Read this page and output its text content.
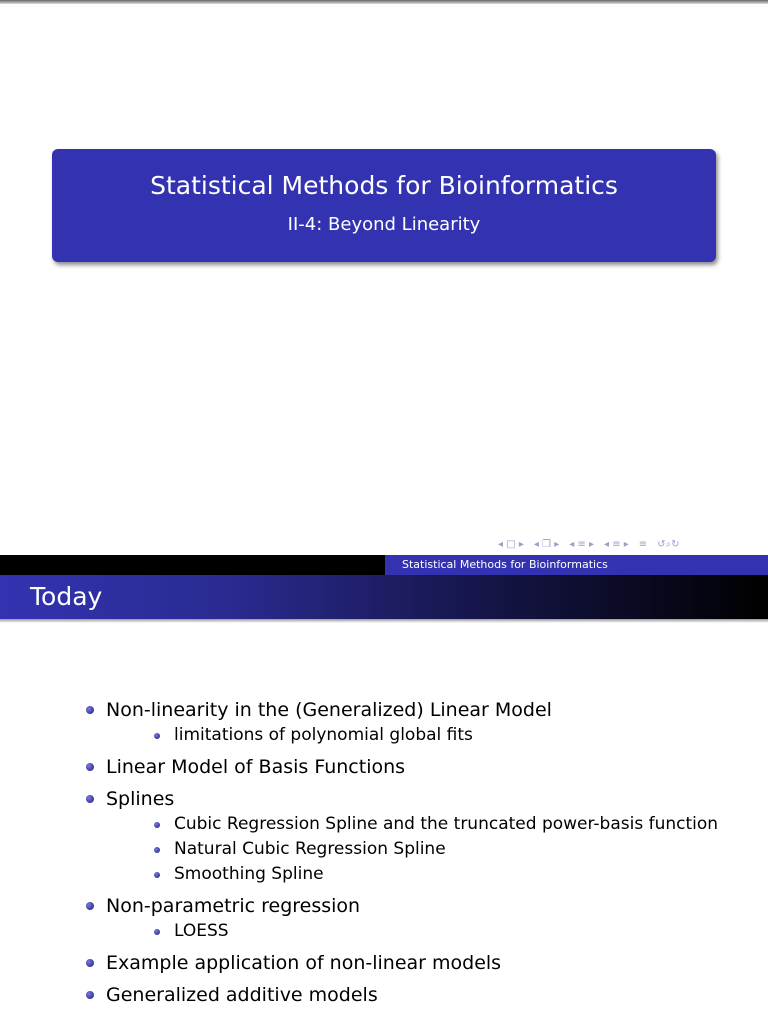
Statistical Methods for Bioinformatics
II-4: Beyond Linearity
◂ □ ▸ ◂ ❐ ▸ ◂ ≡ ▸ ◂ ≡ ▸ ≡ ↺⌕↻
Statistical Methods for Bioinformatics
Today
Non-linearity in the (Generalized) Linear Model
limitations of polynomial global fits
Linear Model of Basis Functions
Splines
Cubic Regression Spline and the truncated power-basis function
Natural Cubic Regression Spline
Smoothing Spline
Non-parametric regression
LOESS
Example application of non-linear models
Generalized additive models
